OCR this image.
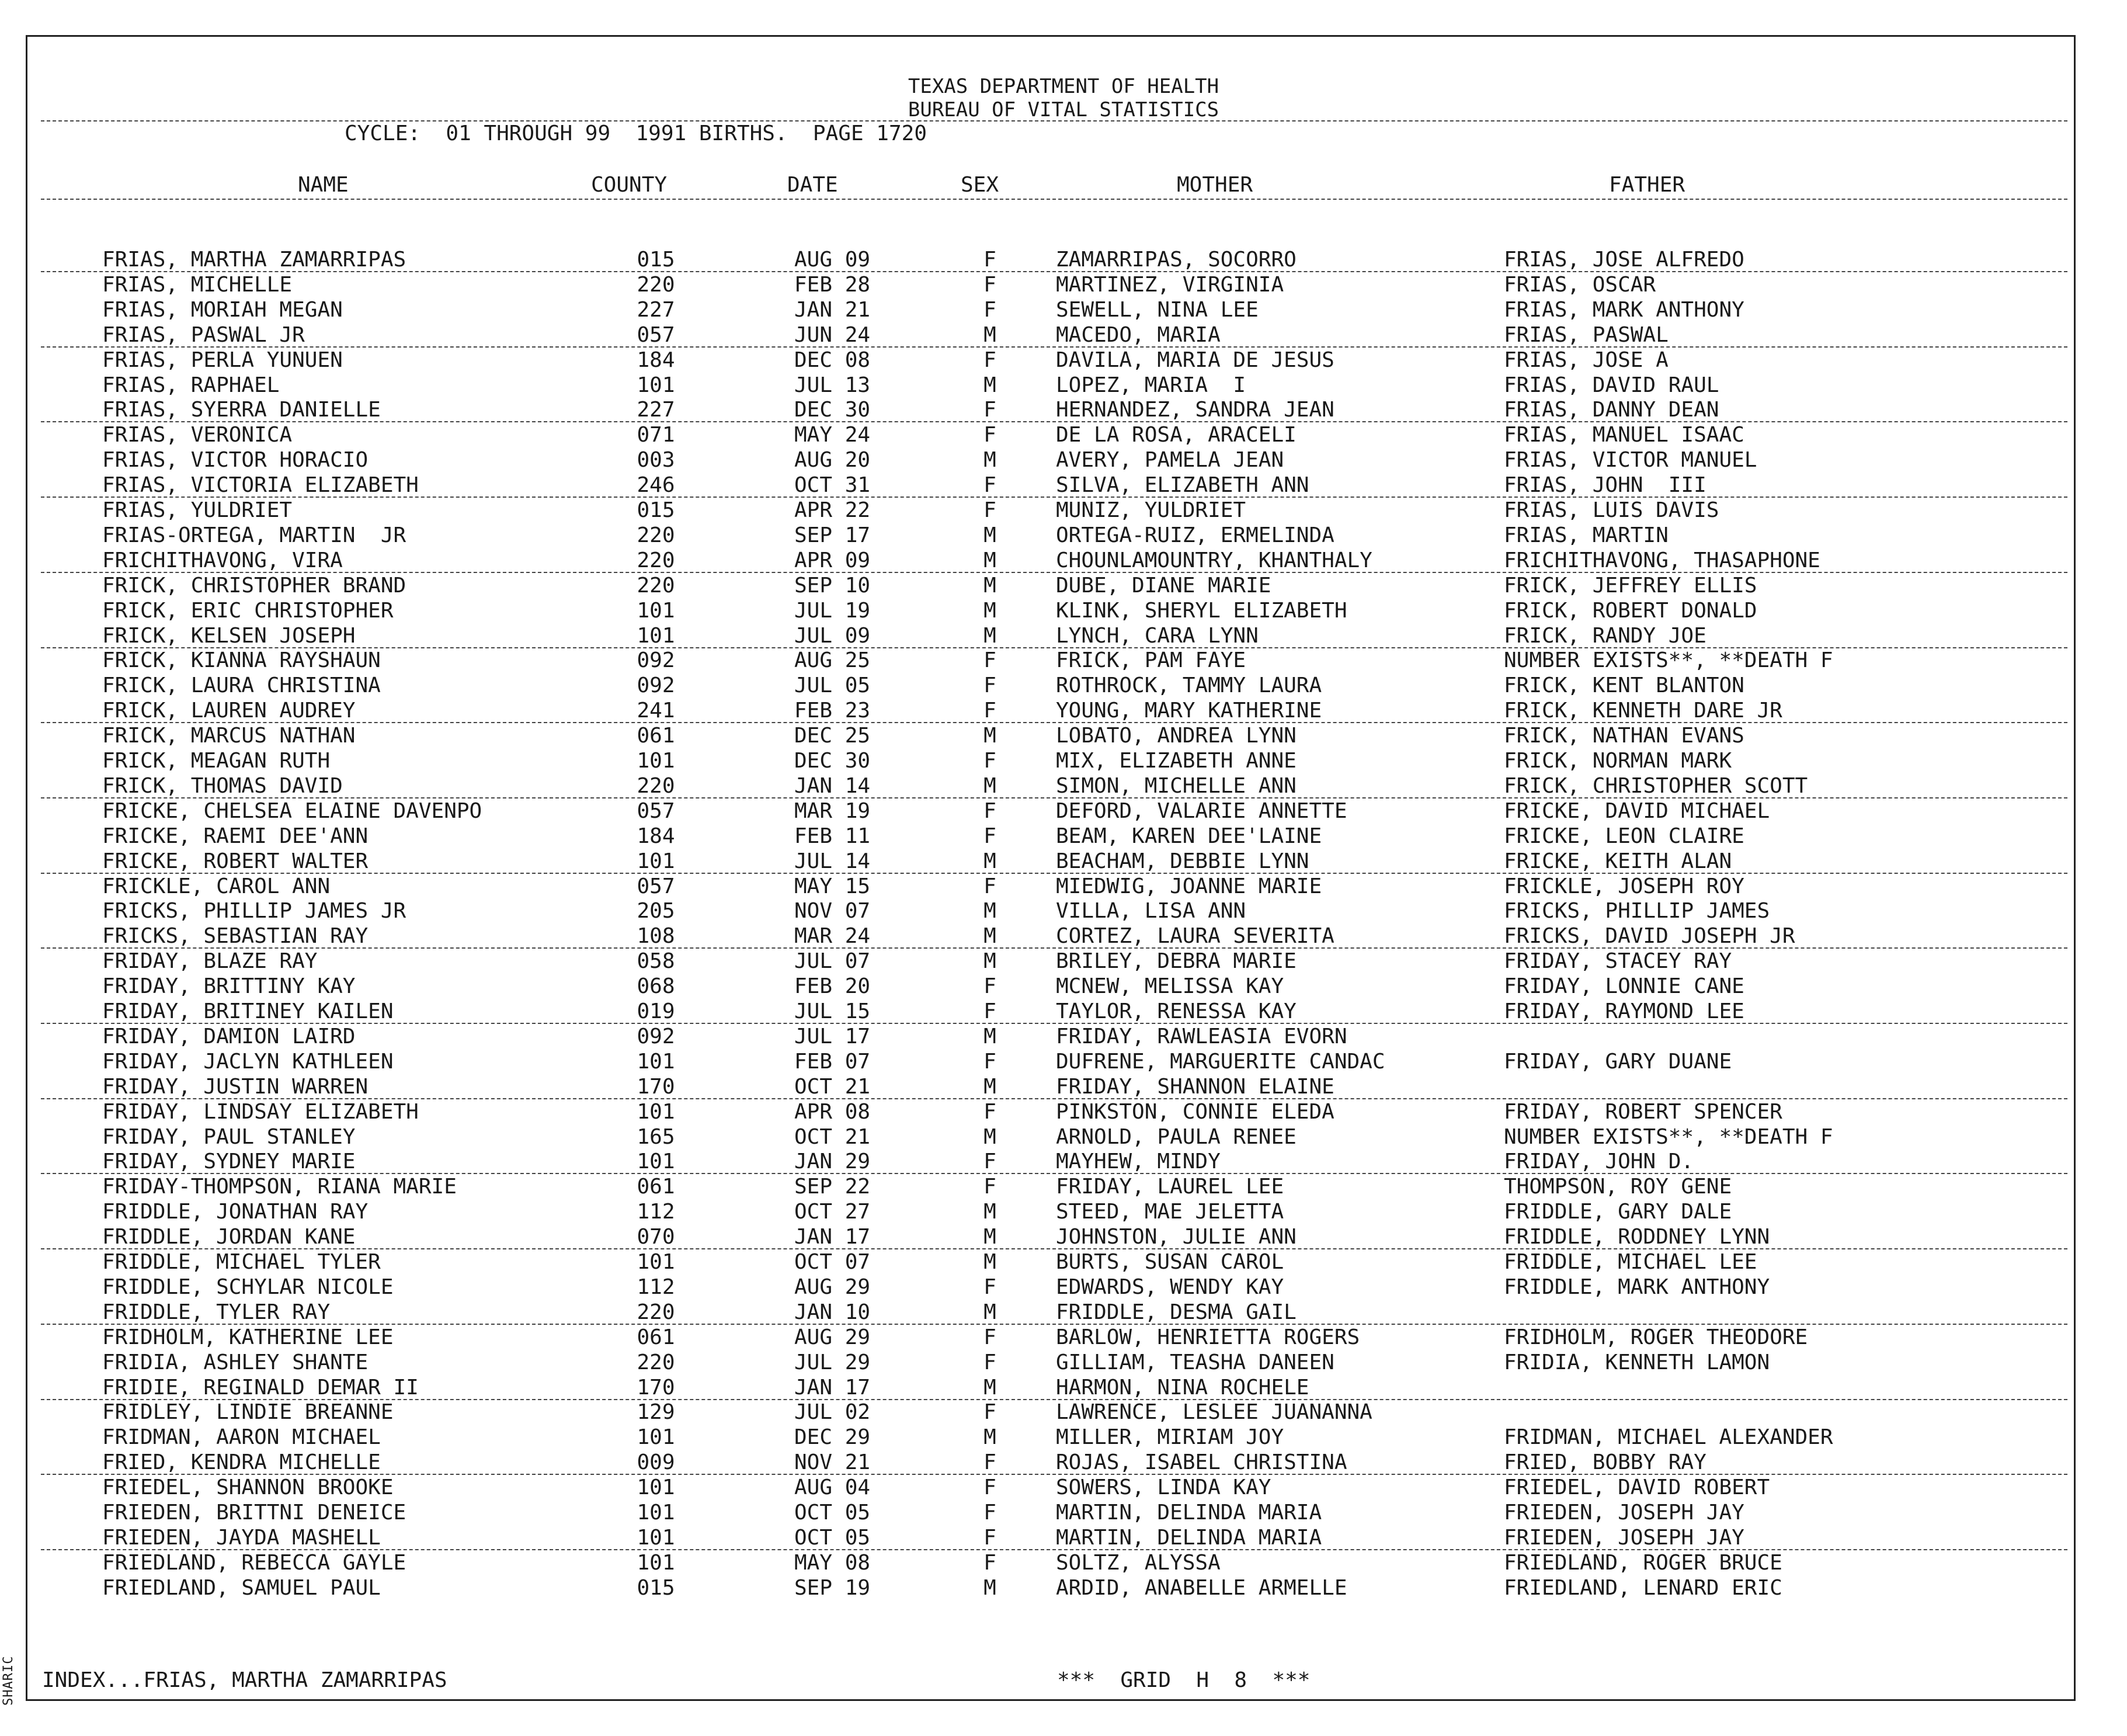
SHARIC
TEXAS DEPARTMENT OF HEALTH
BUREAU OF VITAL STATISTICS
CYCLE:  01 THROUGH 99  1991 BIRTHS.  PAGE 1720
NAME	COUNTY	DATE	SEX	MOTHER	FATHER
FRIAS, MARTHA ZAMARRIPAS	015	AUG 09	F	ZAMARRIPAS, SOCORRO	FRIAS, JOSE ALFREDO
FRIAS, MICHELLE	220	FEB 28	F	MARTINEZ, VIRGINIA	FRIAS, OSCAR
FRIAS, MORIAH MEGAN	227	JAN 21	F	SEWELL, NINA LEE	FRIAS, MARK ANTHONY
FRIAS, PASWAL JR	057	JUN 24	M	MACEDO, MARIA	FRIAS, PASWAL
FRIAS, PERLA YUNUEN	184	DEC 08	F	DAVILA, MARIA DE JESUS	FRIAS, JOSE A
FRIAS, RAPHAEL	101	JUL 13	M	LOPEZ, MARIA  I	FRIAS, DAVID RAUL
FRIAS, SYERRA DANIELLE	227	DEC 30	F	HERNANDEZ, SANDRA JEAN	FRIAS, DANNY DEAN
FRIAS, VERONICA	071	MAY 24	F	DE LA ROSA, ARACELI	FRIAS, MANUEL ISAAC
FRIAS, VICTOR HORACIO	003	AUG 20	M	AVERY, PAMELA JEAN	FRIAS, VICTOR MANUEL
FRIAS, VICTORIA ELIZABETH	246	OCT 31	F	SILVA, ELIZABETH ANN	FRIAS, JOHN  III
FRIAS, YULDRIET	015	APR 22	F	MUNIZ, YULDRIET	FRIAS, LUIS DAVIS
FRIAS-ORTEGA, MARTIN  JR	220	SEP 17	M	ORTEGA-RUIZ, ERMELINDA	FRIAS, MARTIN
FRICHITHAVONG, VIRA	220	APR 09	M	CHOUNLAMOUNTRY, KHANTHALY	FRICHITHAVONG, THASAPHONE
FRICK, CHRISTOPHER BRAND	220	SEP 10	M	DUBE, DIANE MARIE	FRICK, JEFFREY ELLIS
FRICK, ERIC CHRISTOPHER	101	JUL 19	M	KLINK, SHERYL ELIZABETH	FRICK, ROBERT DONALD
FRICK, KELSEN JOSEPH	101	JUL 09	M	LYNCH, CARA LYNN	FRICK, RANDY JOE
FRICK, KIANNA RAYSHAUN	092	AUG 25	F	FRICK, PAM FAYE	NUMBER EXISTS**, **DEATH F
FRICK, LAURA CHRISTINA	092	JUL 05	F	ROTHROCK, TAMMY LAURA	FRICK, KENT BLANTON
FRICK, LAUREN AUDREY	241	FEB 23	F	YOUNG, MARY KATHERINE	FRICK, KENNETH DARE JR
FRICK, MARCUS NATHAN	061	DEC 25	M	LOBATO, ANDREA LYNN	FRICK, NATHAN EVANS
FRICK, MEAGAN RUTH	101	DEC 30	F	MIX, ELIZABETH ANNE	FRICK, NORMAN MARK
FRICK, THOMAS DAVID	220	JAN 14	M	SIMON, MICHELLE ANN	FRICK, CHRISTOPHER SCOTT
FRICKE, CHELSEA ELAINE DAVENPO	057	MAR 19	F	DEFORD, VALARIE ANNETTE	FRICKE, DAVID MICHAEL
FRICKE, RAEMI DEE'ANN	184	FEB 11	F	BEAM, KAREN DEE'LAINE	FRICKE, LEON CLAIRE
FRICKE, ROBERT WALTER	101	JUL 14	M	BEACHAM, DEBBIE LYNN	FRICKE, KEITH ALAN
FRICKLE, CAROL ANN	057	MAY 15	F	MIEDWIG, JOANNE MARIE	FRICKLE, JOSEPH ROY
FRICKS, PHILLIP JAMES JR	205	NOV 07	M	VILLA, LISA ANN	FRICKS, PHILLIP JAMES
FRICKS, SEBASTIAN RAY	108	MAR 24	M	CORTEZ, LAURA SEVERITA	FRICKS, DAVID JOSEPH JR
FRIDAY, BLAZE RAY	058	JUL 07	M	BRILEY, DEBRA MARIE	FRIDAY, STACEY RAY
FRIDAY, BRITTINY KAY	068	FEB 20	F	MCNEW, MELISSA KAY	FRIDAY, LONNIE CANE
FRIDAY, BRITINEY KAILEN	019	JUL 15	F	TAYLOR, RENESSA KAY	FRIDAY, RAYMOND LEE
FRIDAY, DAMION LAIRD	092	JUL 17	M	FRIDAY, RAWLEASIA EVORN
FRIDAY, JACLYN KATHLEEN	101	FEB 07	F	DUFRENE, MARGUERITE CANDAC	FRIDAY, GARY DUANE
FRIDAY, JUSTIN WARREN	170	OCT 21	M	FRIDAY, SHANNON ELAINE
FRIDAY, LINDSAY ELIZABETH	101	APR 08	F	PINKSTON, CONNIE ELEDA	FRIDAY, ROBERT SPENCER
FRIDAY, PAUL STANLEY	165	OCT 21	M	ARNOLD, PAULA RENEE	NUMBER EXISTS**, **DEATH F
FRIDAY, SYDNEY MARIE	101	JAN 29	F	MAYHEW, MINDY	FRIDAY, JOHN D.
FRIDAY-THOMPSON, RIANA MARIE	061	SEP 22	F	FRIDAY, LAUREL LEE	THOMPSON, ROY GENE
FRIDDLE, JONATHAN RAY	112	OCT 27	M	STEED, MAE JELETTA	FRIDDLE, GARY DALE
FRIDDLE, JORDAN KANE	070	JAN 17	M	JOHNSTON, JULIE ANN	FRIDDLE, RODDNEY LYNN
FRIDDLE, MICHAEL TYLER	101	OCT 07	M	BURTS, SUSAN CAROL	FRIDDLE, MICHAEL LEE
FRIDDLE, SCHYLAR NICOLE	112	AUG 29	F	EDWARDS, WENDY KAY	FRIDDLE, MARK ANTHONY
FRIDDLE, TYLER RAY	220	JAN 10	M	FRIDDLE, DESMA GAIL
FRIDHOLM, KATHERINE LEE	061	AUG 29	F	BARLOW, HENRIETTA ROGERS	FRIDHOLM, ROGER THEODORE
FRIDIA, ASHLEY SHANTE	220	JUL 29	F	GILLIAM, TEASHA DANEEN	FRIDIA, KENNETH LAMON
FRIDIE, REGINALD DEMAR II	170	JAN 17	M	HARMON, NINA ROCHELE
FRIDLEY, LINDIE BREANNE	129	JUL 02	F	LAWRENCE, LESLEE JUANANNA
FRIDMAN, AARON MICHAEL	101	DEC 29	M	MILLER, MIRIAM JOY	FRIDMAN, MICHAEL ALEXANDER
FRIED, KENDRA MICHELLE	009	NOV 21	F	ROJAS, ISABEL CHRISTINA	FRIED, BOBBY RAY
FRIEDEL, SHANNON BROOKE	101	AUG 04	F	SOWERS, LINDA KAY	FRIEDEL, DAVID ROBERT
FRIEDEN, BRITTNI DENEICE	101	OCT 05	F	MARTIN, DELINDA MARIA	FRIEDEN, JOSEPH JAY
FRIEDEN, JAYDA MASHELL	101	OCT 05	F	MARTIN, DELINDA MARIA	FRIEDEN, JOSEPH JAY
FRIEDLAND, REBECCA GAYLE	101	MAY 08	F	SOLTZ, ALYSSA	FRIEDLAND, ROGER BRUCE
FRIEDLAND, SAMUEL PAUL	015	SEP 19	M	ARDID, ANABELLE ARMELLE	FRIEDLAND, LENARD ERIC
INDEX...FRIAS, MARTHA ZAMARRIPAS	***  GRID  H  8  ***
